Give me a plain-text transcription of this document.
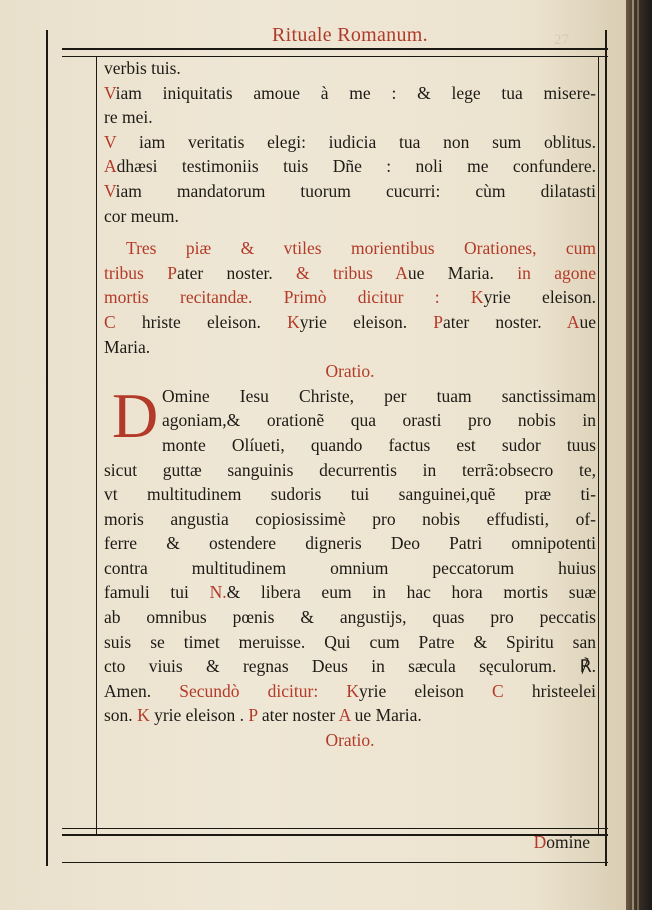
27
Rituale Romanum.
verbis tuis.
Viam iniquitatis amoue à me : & lege tua misere-
re mei.
V iam veritatis elegi: iudicia tua non sum oblitus.
Adhæsi testimoniis tuis Dñe : noli me confundere.
Viam mandatorum tuorum cucurri: cùm dilatasti
cor meum.
Tres piæ & vtiles morientibus Orationes, cum
tribus Pater noster. & tribus Aue Maria. in agone
mortis recitandæ. Primò dicitur : Kyrie eleison.
C hriste eleison. Kyrie eleison. Pater noster. Aue
Maria.
Oratio.
D Omine Iesu Christe, per tuam sanctissimam
agoniam,& orationẽ qua orasti pro nobis in
monte Olíueti, quando factus est sudor tuus
sicut guttæ sanguinis decurrentis in terrã:obsecro te,
vt multitudinem sudoris tui sanguinei,quẽ præ ti-
moris angustia copiosissimè pro nobis effudisti, of-
ferre & ostendere digneris Deo Patri omnipotenti
contra multitudinem omnium peccatorum huius
famuli tui N.& libera eum in hac hora mortis suæ
ab omnibus pœnis & angustijs, quas pro peccatis
suis se timet meruisse. Qui cum Patre & Spiritu san
cto viuis & regnas Deus in sæcula sęculorum. ℟.
Amen. Secundò dicitur: Kyrie eleison C hristeelei
son. K yrie eleison . P ater noster A ue Maria.
Oratio.
Domine
